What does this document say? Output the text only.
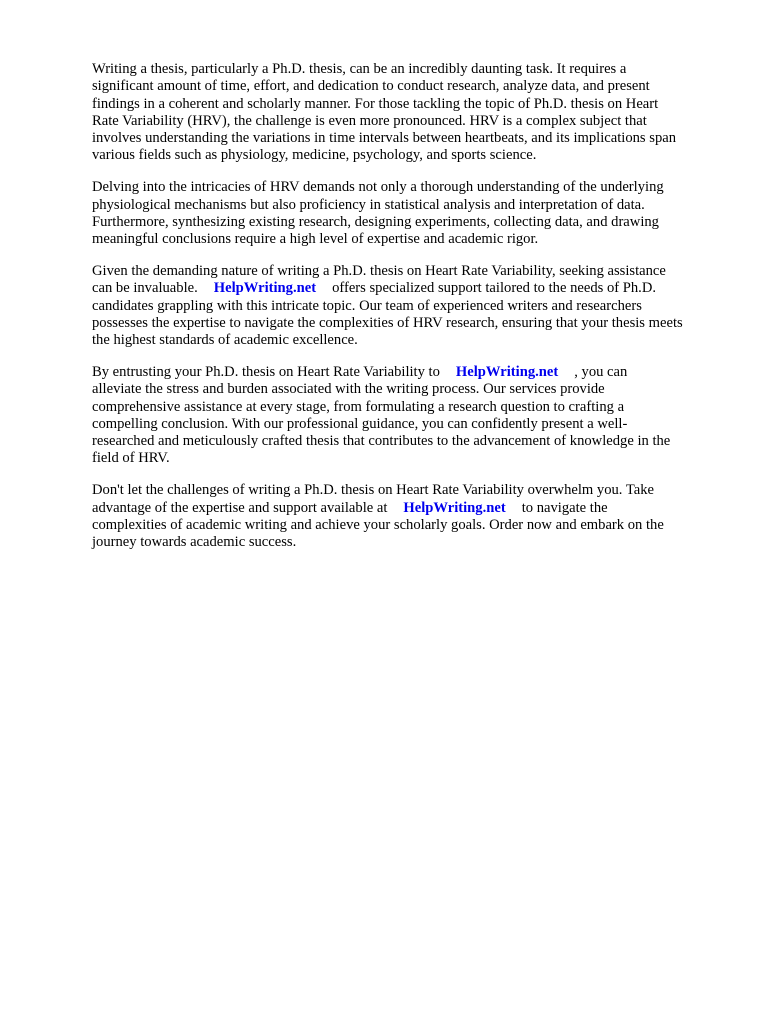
Writing a thesis, particularly a Ph.D. thesis, can be an incredibly daunting task. It requires a
significant amount of time, effort, and dedication to conduct research, analyze data, and present
findings in a coherent and scholarly manner. For those tackling the topic of Ph.D. thesis on Heart
Rate Variability (HRV), the challenge is even more pronounced. HRV is a complex subject that
involves understanding the variations in time intervals between heartbeats, and its implications span
various fields such as physiology, medicine, psychology, and sports science.

Delving into the intricacies of HRV demands not only a thorough understanding of the underlying
physiological mechanisms but also proficiency in statistical analysis and interpretation of data.
Furthermore, synthesizing existing research, designing experiments, collecting data, and drawing
meaningful conclusions require a high level of expertise and academic rigor.

Given the demanding nature of writing a Ph.D. thesis on Heart Rate Variability, seeking assistance
can be invaluable. HelpWriting.net offers specialized support tailored to the needs of Ph.D.
candidates grappling with this intricate topic. Our team of experienced writers and researchers
possesses the expertise to navigate the complexities of HRV research, ensuring that your thesis meets
the highest standards of academic excellence.

By entrusting your Ph.D. thesis on Heart Rate Variability to HelpWriting.net , you can
alleviate the stress and burden associated with the writing process. Our services provide
comprehensive assistance at every stage, from formulating a research question to crafting a
compelling conclusion. With our professional guidance, you can confidently present a well-
researched and meticulously crafted thesis that contributes to the advancement of knowledge in the
field of HRV.

Don't let the challenges of writing a Ph.D. thesis on Heart Rate Variability overwhelm you. Take
advantage of the expertise and support available at HelpWriting.net to navigate the
complexities of academic writing and achieve your scholarly goals. Order now and embark on the
journey towards academic success.
